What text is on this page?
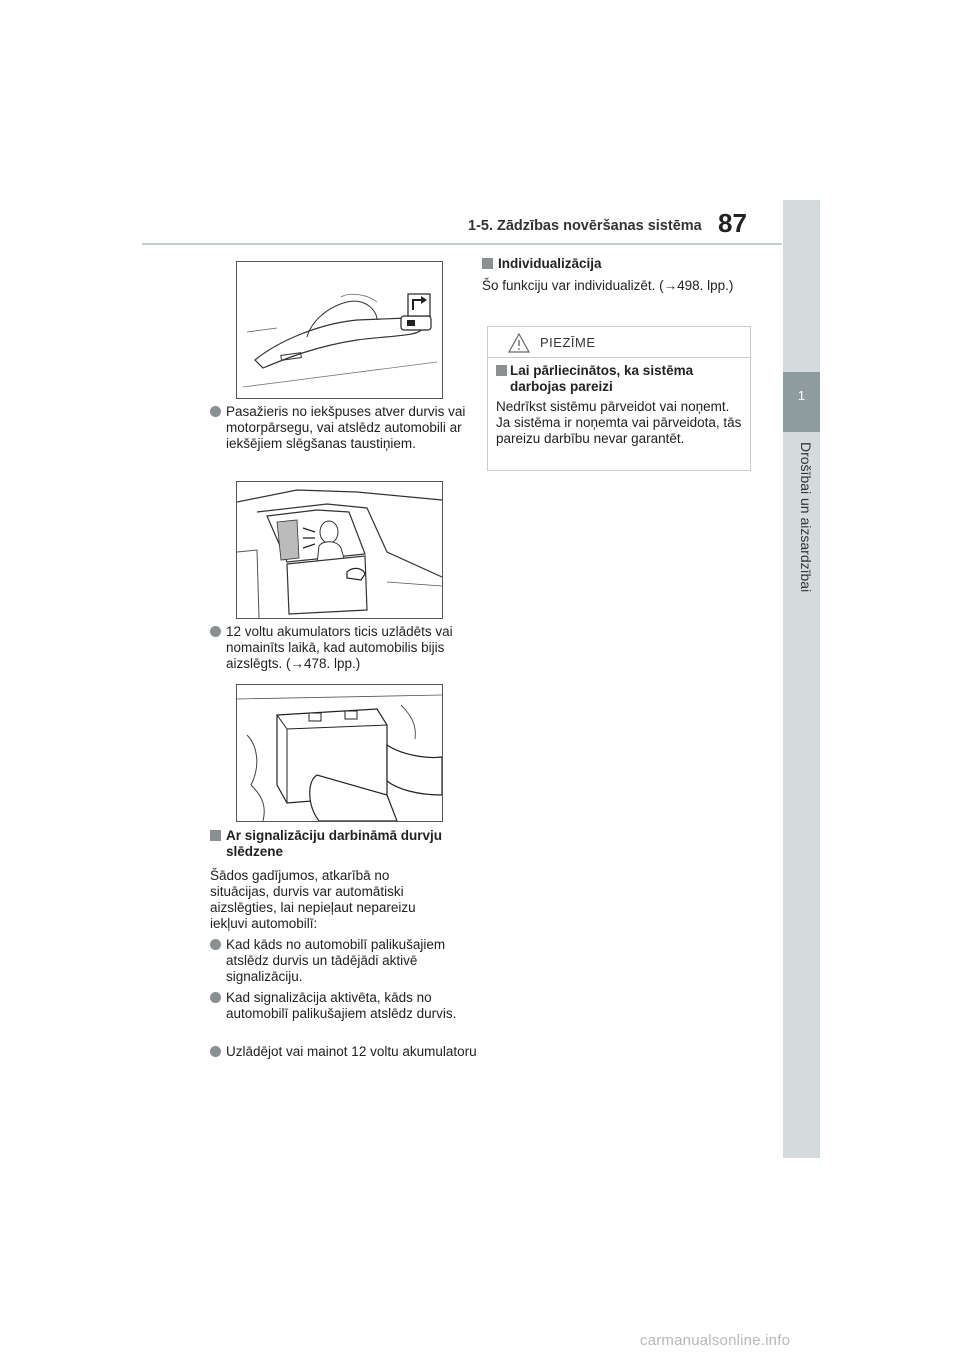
1
Drošībai un aizsardzībai
1-5. Zādzības novēršanas sistēma 87
Pasažieris no iekšpuses atver durvis vai motorpārsegu, vai atslēdz automobili ar iekšējiem slēgšanas taustiņiem.
12 voltu akumulators ticis uzlādēts vai nomainīts laikā, kad automobilis bijis aizslēgts. (→478. lpp.)
Ar signalizāciju darbināmā durvju slēdzene
Šādos gadījumos, atkarībā no situācijas, durvis var automātiski aizslēgties, lai nepieļaut nepareizu iekļuvi automobilī:
Kad kāds no automobilī palikušajiem atslēdz durvis un tādējādi aktivē signalizāciju.
Kad signalizācija aktivēta, kāds no automobilī palikušajiem atslēdz durvis.
Uzlādējot vai mainot 12 voltu akumulatoru
Individualizācija
Šo funkciju var individualizēt. (→498. lpp.)
PIEZĪME
Lai pārliecinātos, ka sistēma darbojas pareizi
Nedrīkst sistēmu pārveidot vai noņemt. Ja sistēma ir noņemta vai pārveidota, tās pareizu darbību nevar garantēt.
carmanualsonline.info
